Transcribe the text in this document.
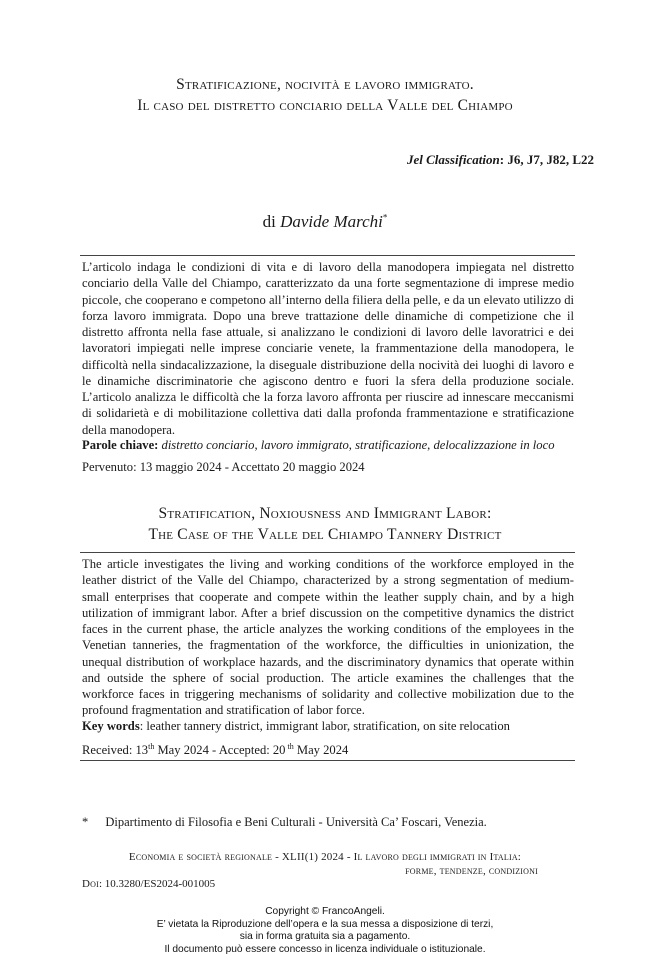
Stratificazione, nocività e lavoro immigrato.
Il caso del distretto conciario della Valle del Chiampo
Jel Classification: J6, J7, J82, L22
di Davide Marchi*
L’articolo indaga le condizioni di vita e di lavoro della manodopera impiegata nel distretto conciario della Valle del Chiampo, caratterizzato da una forte segmentazione di imprese medio piccole, che cooperano e competono all’interno della filiera della pelle, e da un elevato utilizzo di forza lavoro immigrata. Dopo una breve trattazione delle dinamiche di competizione che il distretto affronta nella fase attuale, si analizzano le condizioni di lavoro delle lavoratrici e dei lavoratori impiegati nelle imprese conciarie venete, la frammentazione della manodopera, le difficoltà nella sindacalizzazione, la diseguale distribuzione della nocività dei luoghi di lavoro e le dinamiche discriminatorie che agiscono dentro e fuori la sfera della produzione sociale. L’articolo analizza le difficoltà che la forza lavoro affronta per riuscire ad innescare meccanismi di solidarietà e di mobilitazione collettiva dati dalla profonda frammentazione e stratificazione della manodopera.
Parole chiave: distretto conciario, lavoro immigrato, stratificazione, delocalizzazione in loco
Pervenuto: 13 maggio 2024 - Accettato 20 maggio 2024
Stratification, Noxiousness and Immigrant Labor:
The Case of the Valle del Chiampo Tannery District
The article investigates the living and working conditions of the workforce employed in the leather district of the Valle del Chiampo, characterized by a strong segmentation of medium-small enterprises that cooperate and compete within the leather supply chain, and by a high utilization of immigrant labor. After a brief discussion on the competitive dynamics the district faces in the current phase, the article analyzes the working conditions of the employees in the Venetian tanneries, the fragmentation of the workforce, the difficulties in unionization, the unequal distribution of workplace hazards, and the discriminatory dynamics that operate within and outside the sphere of social production. The article examines the challenges that the workforce faces in triggering mechanisms of solidarity and collective mobilization due to the profound fragmentation and stratification of labor force.
Key words: leather tannery district, immigrant labor, stratification, on site relocation
Received: 13th May 2024 - Accepted: 20 $^{th}$ May 2024
* Dipartimento di Filosofia e Beni Culturali - Università Ca’ Foscari, Venezia.
Economia e società regionale - XLII(1) 2024 - Il lavoro degli immigrati in Italia:
forme, tendenze, condizioni
Doi: 10.3280/ES2024-001005
Copyright © FrancoAngeli.
E’ vietata la Riproduzione dell’opera e la sua messa a disposizione di terzi,
sia in forma gratuita sia a pagamento.
Il documento può essere concesso in licenza individuale o istituzionale.
